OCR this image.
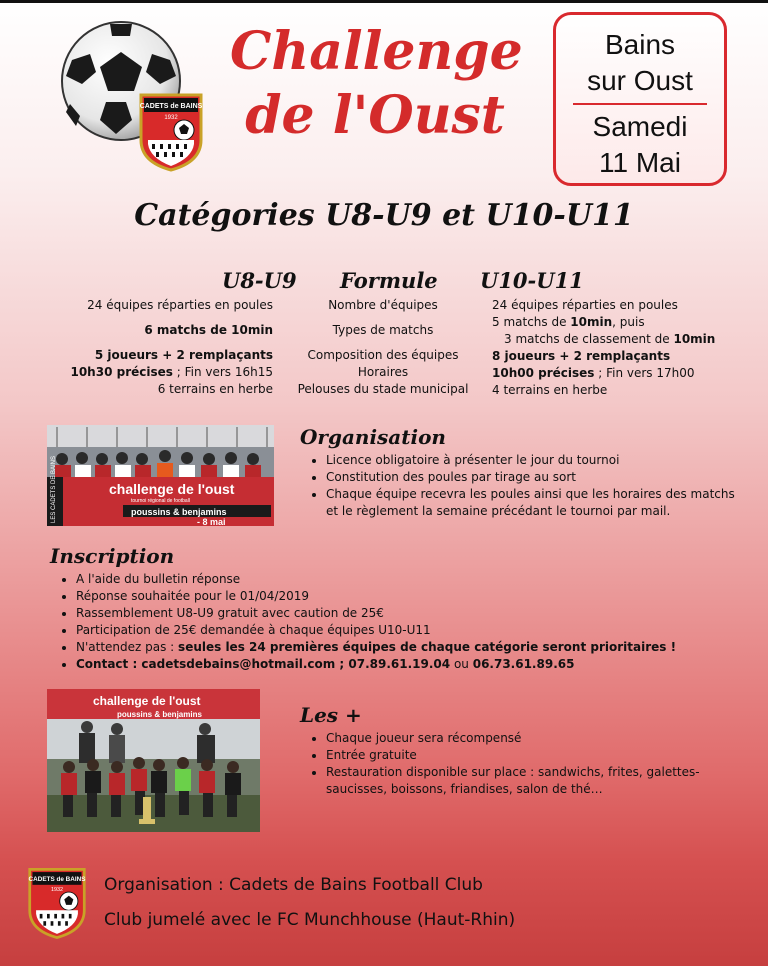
CADETS de BAINS
1932
Challenge
de l'Oust
Bains
sur Oust
Samedi
11 Mai
Catégories U8-U9 et U10-U11
U8-U9 Formule U10-U11
24 équipes réparties en poules
6 matchs de 10min
5 joueurs + 2 remplaçants
10h30 précises ; Fin vers 16h15
6 terrains en herbe
Nombre d'équipes
Types de matchs
Composition des équipes
Horaires
Pelouses du stade municipal
24 équipes réparties en poules
5 matchs de 10min, puis
3 matchs de classement de 10min
8 joueurs + 2 remplaçants
10h00 précises ; Fin vers 17h00
4 terrains en herbe
LES CADETS DE BAINS	challenge de l'oust
tournoi régional de football
poussins & benjamins
- 8 mai
Organisation
• Licence obligatoire à présenter le jour du tournoi
• Constitution des poules par tirage au sort
• Chaque équipe recevra les poules ainsi que les horaires des matchs
et le règlement la semaine précédant le tournoi par mail.
Inscription
• A l'aide du bulletin réponse
• Réponse souhaitée pour le 01/04/2019
• Rassemblement U8-U9 gratuit avec caution de 25€
• Participation de 25€ demandée à chaque équipes U10-U11
• N'attendez pas : seules les 24 premières équipes de chaque catégorie seront prioritaires !
• Contact : cadetsdebains@hotmail.com ; 07.89.61.19.04 ou 06.73.61.89.65
challenge de l'oust
poussins & benjamins	Les +
• Chaque joueur sera récompensé
• Entrée gratuite
• Restauration disponible sur place : sandwichs, frites, galettes-
saucisses, boissons, friandises, salon de thé…
CADETS de BAINS
1932 Organisation : Cadets de Bains Football Club
Club jumelé avec le FC Munchhouse (Haut-Rhin)
